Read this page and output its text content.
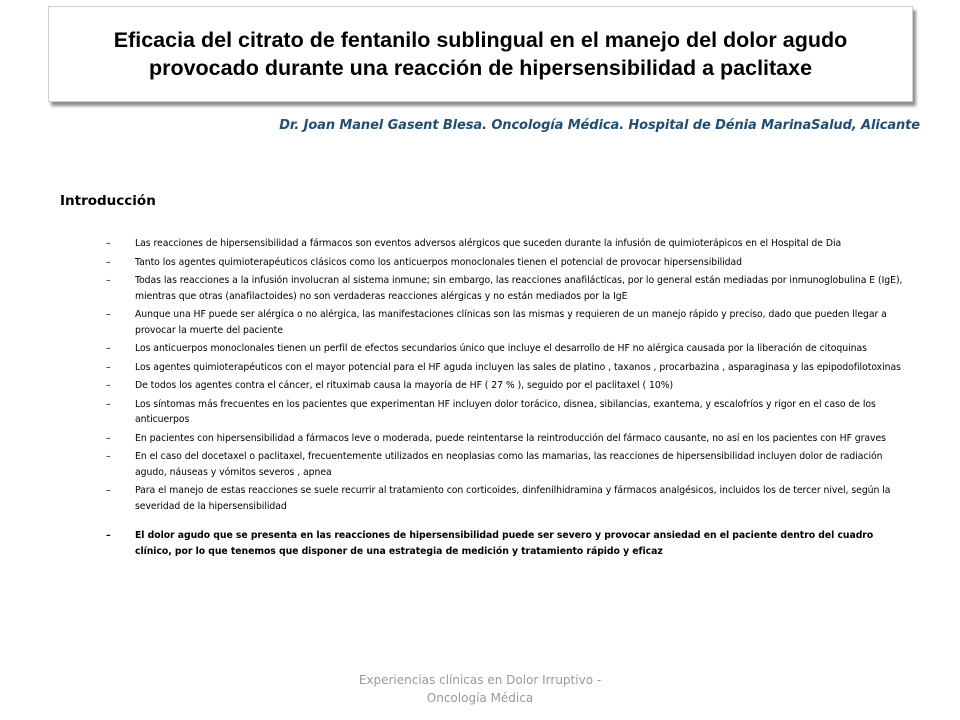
Eficacia del citrato de fentanilo sublingual en el manejo del dolor agudo provocado durante una reacción de hipersensibilidad a paclitaxe
Dr. Joan Manel Gasent Blesa. Oncología Médica. Hospital de Dénia MarinaSalud, Alicante
Introducción
–	Las reacciones de hipersensibilidad a fármacos son eventos adversos alérgicos que suceden durante la infusión de quimioterápicos en el Hospital de Dia
–	Tanto los agentes quimioterapéuticos clásicos como los anticuerpos monoclonales tienen el potencial de provocar hipersensibilidad
–	Todas las reacciones a la infusión involucran al sistema inmune; sin embargo, las reacciones anafilácticas, por lo general están mediadas por inmunoglobulina E (IgE), mientras que otras (anafilactoides) no son verdaderas reacciones alérgicas y no están mediados por la IgE
–	Aunque una HF puede ser alérgica o no alérgica, las manifestaciones clínicas son las mismas y requieren de un manejo rápido y preciso, dado que pueden llegar a provocar la muerte del paciente
–	Los anticuerpos monoclonales tienen un perfil de efectos secundarios único que incluye el desarrollo de HF no alérgica causada por la liberación de citoquinas
–	Los agentes quimioterapéuticos con el mayor potencial para el HF aguda incluyen las sales de platino , taxanos , procarbazina , asparaginasa y las epipodofilotoxinas
–	De todos los agentes contra el cáncer, el rituximab causa la mayoría de HF ( 27 % ), seguido por el paclitaxel ( 10%)
–	Los síntomas más frecuentes en los pacientes que experimentan HF incluyen dolor torácico, disnea, sibilancias, exantema, y escalofríos y rigor en el caso de los anticuerpos
–	En pacientes con hipersensibilidad a fármacos leve o moderada, puede reintentarse la reintroducción del fármaco causante, no así en los pacientes con HF graves
–	En el caso del docetaxel o paclitaxel, frecuentemente utilizados en neoplasias como las mamarias, las reacciones de hipersensibilidad incluyen dolor de radiación agudo, náuseas y vómitos severos , apnea
–	Para el manejo de estas reacciones se suele recurrir al tratamiento con corticoides, dinfenilhidramina y fármacos analgésicos, incluidos los de tercer nivel, según la severidad de la hipersensibilidad
–	El dolor agudo que se presenta en las reacciones de hipersensibilidad puede ser severo y provocar ansiedad en el paciente dentro del cuadro clínico, por lo que tenemos que disponer de una estrategia de medición y tratamiento rápido y eficaz
Experiencias clínicas en Dolor Irruptivo -
Oncología Médica
